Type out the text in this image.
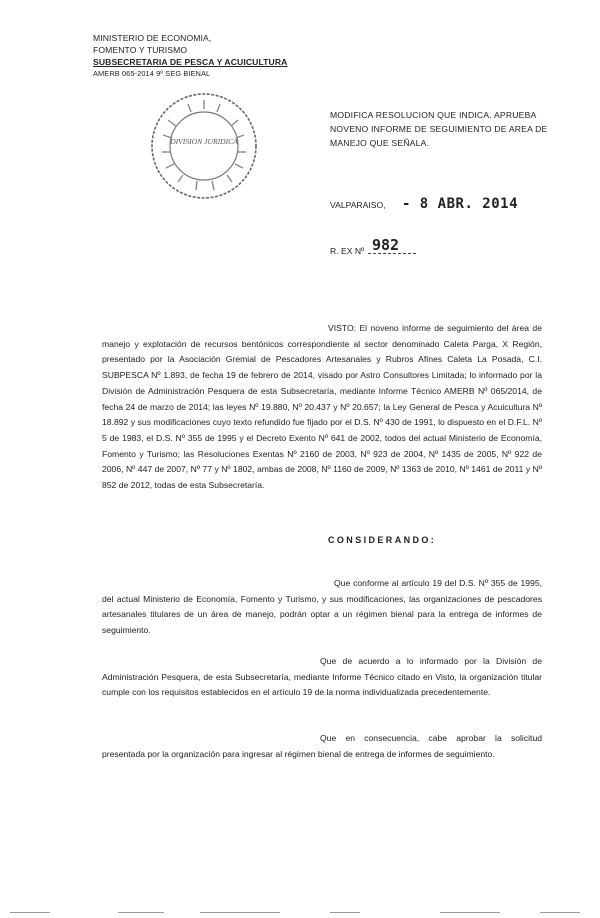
MINISTERIO DE ECONOMIA,
FOMENTO Y TURISMO
SUBSECRETARIA DE PESCA Y ACUICULTURA
AMERB 065-2014 9º SEG BIENAL
DIVISION JURIDICA
MODIFICA RESOLUCION QUE INDICA. APRUEBA NOVENO INFORME DE SEGUIMIENTO DE AREA DE MANEJO QUE SEÑALA.
VALPARAISO, - 8 ABR. 2014
R. EX Nº 982
VISTO: El noveno informe de seguimiento del área de manejo y explotación de recursos bentónicos correspondiente al sector denominado Caleta Parga, X Región, presentado por la Asociación Gremial de Pescadores Artesanales y Rubros Afines Caleta La Posada, C.I. SUBPESCA Nº 1.893, de fecha 19 de febrero de 2014, visado por Astro Consultores Limitada; lo informado por la División de Administración Pesquera de esta Subsecretaría, mediante Informe Técnico AMERB Nº 065/2014, de fecha 24 de marzo de 2014; las leyes Nº 19.880, Nº 20.437 y Nº 20.657; la Ley General de Pesca y Acuicultura Nº 18.892 y sus modificaciones cuyo texto refundido fue fijado por el D.S. Nº 430 de 1991, lo dispuesto en el D.F.L. Nº 5 de 1983, el D.S. Nº 355 de 1995 y el Decreto Exento Nº 641 de 2002, todos del actual Ministerio de Economía, Fomento y Turismo; las Resoluciones Exentas Nº 2160 de 2003, Nº 923 de 2004, Nº 1435 de 2005, Nº 922 de 2006, Nº 447 de 2007, Nº 77 y Nº 1802, ambas de 2008, Nº 1160 de 2009, Nº 1363 de 2010, Nº 1461 de 2011 y Nº 852 de 2012, todas de esta Subsecretaría.
CONSIDERANDO:
Que conforme al artículo 19 del D.S. Nº 355 de 1995, del actual Ministerio de Economía, Fomento y Turismo, y sus modificaciones, las organizaciones de pescadores artesanales titulares de un área de manejo, podrán optar a un régimen bienal para la entrega de informes de seguimiento.
Que de acuerdo a lo informado por la División de Administración Pesquera, de esta Subsecretaría, mediante Informe Técnico citado en Visto, la organización titular cumple con los requisitos establecidos en el artículo 19 de la norma individualizada precedentemente.
Que en consecuencia, cabe aprobar la solicitud presentada por la organización para ingresar al régimen bienal de entrega de informes de seguimiento.
